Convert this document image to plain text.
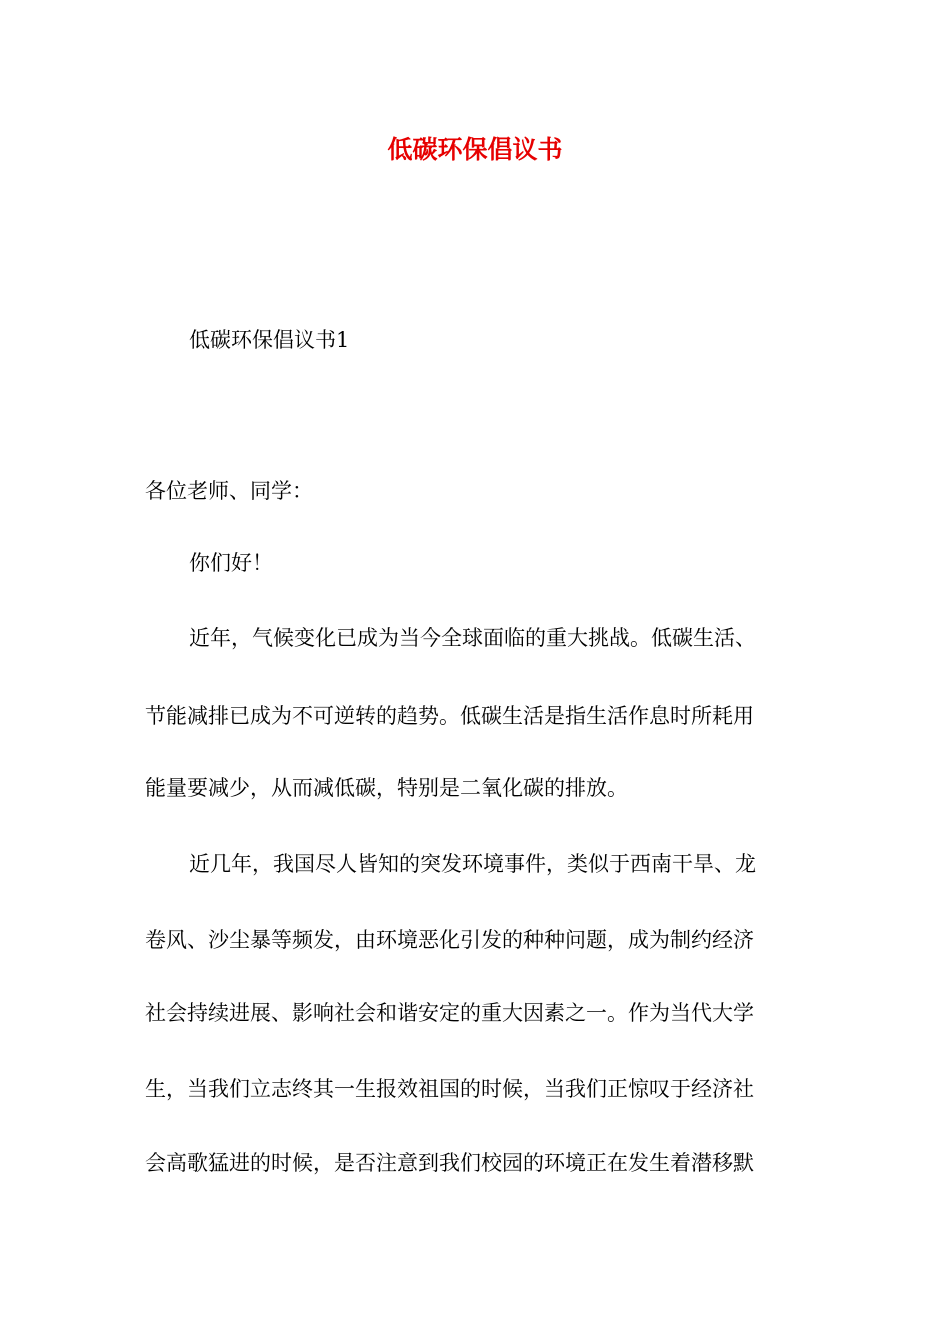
低碳环保倡议书
低碳环保倡议书1
各位老师、同学：
你们好！
近年，气候变化已成为当今全球面临的重大挑战。低碳生活、
节能减排已成为不可逆转的趋势。低碳生活是指生活作息时所耗用
能量要减少，从而减低碳，特别是二氧化碳的排放。
近几年，我国尽人皆知的突发环境事件，类似于西南干旱、龙
卷风、沙尘暴等频发，由环境恶化引发的种种问题，成为制约经济
社会持续进展、影响社会和谐安定的重大因素之一。作为当代大学
生，当我们立志终其一生报效祖国的时候，当我们正惊叹于经济社
会高歌猛进的时候，是否注意到我们校园的环境正在发生着潜移默
